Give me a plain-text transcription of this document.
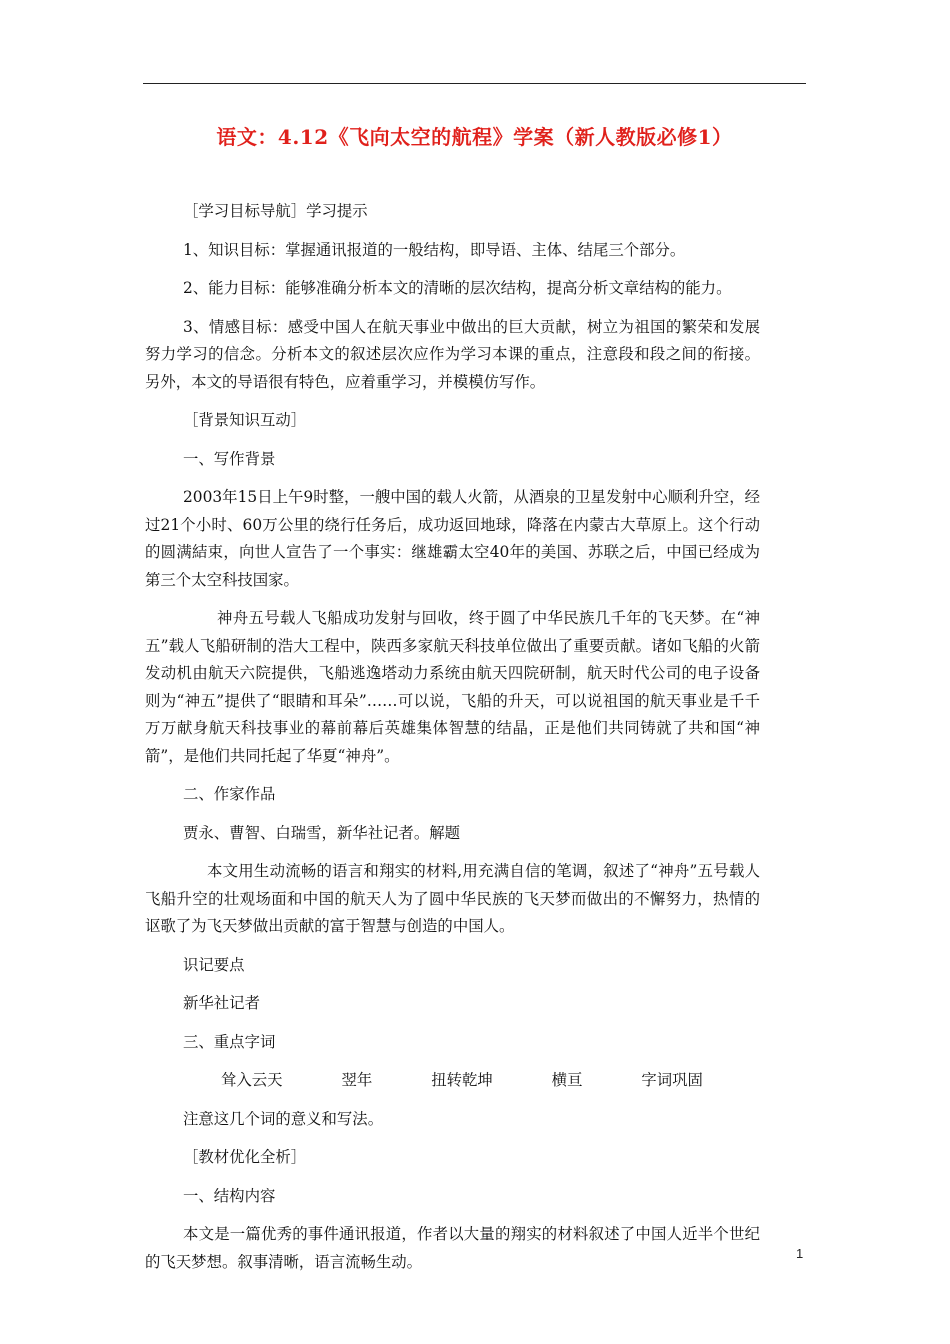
语文：4.12《飞向太空的航程》学案（新人教版必修1）

［学习目标导航］学习提示

1、知识目标：掌握通讯报道的一般结构，即导语、主体、结尾三个部分。

2、能力目标：能够准确分析本文的清晰的层次结构，提高分析文章结构的能力。

3、情感目标：感受中国人在航天事业中做出的巨大贡献，树立为祖国的繁荣和发展努力学习的信念。分析本文的叙述层次应作为学习本课的重点，注意段和段之间的衔接。另外，本文的导语很有特色，应着重学习，并模模仿写作。

［背景知识互动］

一、写作背景

2003年15日上午9时整，一艘中国的载人火箭，从酒泉的卫星发射中心顺利升空，经过21个小时、60万公里的绕行任务后，成功返回地球，降落在内蒙古大草原上。这个行动的圆满結束，向世人宣告了一个事实：继雄霸太空40年的美国、苏联之后，中国已经成为第三个太空科技国家。

神舟五号载人飞船成功发射与回收，终于圆了中华民族几千年的飞天梦。在“神五”载人飞船研制的浩大工程中，陕西多家航天科技单位做出了重要贡献。诸如飞船的火箭发动机由航天六院提供，飞船逃逸塔动力系统由航天四院研制，航天时代公司的电子设备则为“神五”提供了“眼睛和耳朵”……可以说，飞船的升天，可以说祖国的航天事业是千千万万献身航天科技事业的幕前幕后英雄集体智慧的结晶，正是他们共同铸就了共和国“神箭”，是他们共同托起了华夏“神舟”。

二、作家作品

贾永、曹智、白瑞雪，新华社记者。解题

本文用生动流畅的语言和翔实的材料,用充满自信的笔调，叙述了“神舟”五号载人飞船升空的壮观场面和中国的航天人为了圆中华民族的飞天梦而做出的不懈努力，热情的讴歌了为飞天梦做出贡献的富于智慧与创造的中国人。

识记要点

新华社记者

三、重点字词

耸入云天	翌年	扭转乾坤	横亘	字词巩固

注意这几个词的意义和写法。

［教材优化全析］

一、结构内容

本文是一篇优秀的事件通讯报道，作者以大量的翔实的材料叙述了中国人近半个世纪的飞天梦想。叙事清晰，语言流畅生动。	1
